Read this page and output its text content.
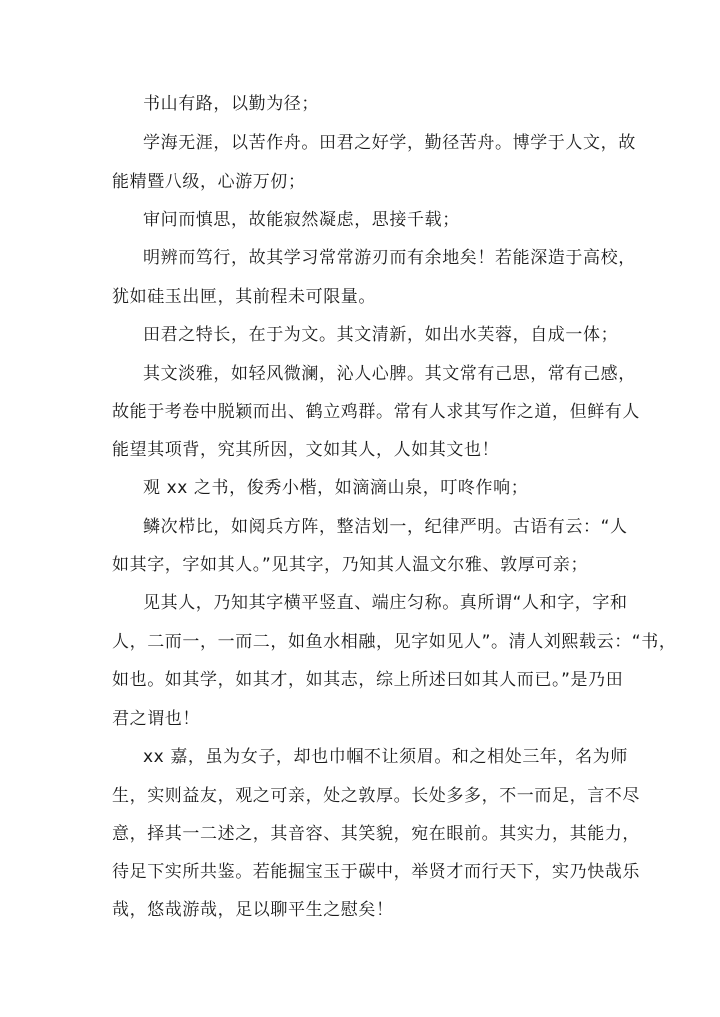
书山有路，以勤为径；
学海无涯，以苦作舟。田君之好学，勤径苦舟。博学于人文，故
能精暨八级，心游万仞；
审问而慎思，故能寂然凝虑，思接千载；
明辨而笃行，故其学习常常游刃而有余地矣！若能深造于高校，
犹如硅玉出匣，其前程未可限量。
田君之特长，在于为文。其文清新，如出水芙蓉，自成一体；
其文淡雅，如轻风微澜，沁人心脾。其文常有己思，常有己感，
故能于考卷中脱颖而出、鹤立鸡群。常有人求其写作之道，但鲜有人
能望其项背，究其所因，文如其人，人如其文也！
观 xx 之书，俊秀小楷，如滴滴山泉，叮咚作响；
鳞次栉比，如阅兵方阵，整洁划一，纪律严明。古语有云：“人
如其字，字如其人。”见其字，乃知其人温文尔雅、敦厚可亲；
见其人，乃知其字横平竖直、端庄匀称。真所谓“人和字，字和
人，二而一，一而二，如鱼水相融，见字如见人”。清人刘熙载云：“书，
如也。如其学，如其才，如其志，综上所述曰如其人而已。”是乃田
君之谓也！
xx 嘉，虽为女子，却也巾帼不让须眉。和之相处三年，名为师
生，实则益友，观之可亲，处之敦厚。长处多多，不一而足，言不尽
意，择其一二述之，其音容、其笑貌，宛在眼前。其实力，其能力，
待足下实所共鉴。若能掘宝玉于碳中，举贤才而行天下，实乃快哉乐
哉，悠哉游哉，足以聊平生之慰矣！
